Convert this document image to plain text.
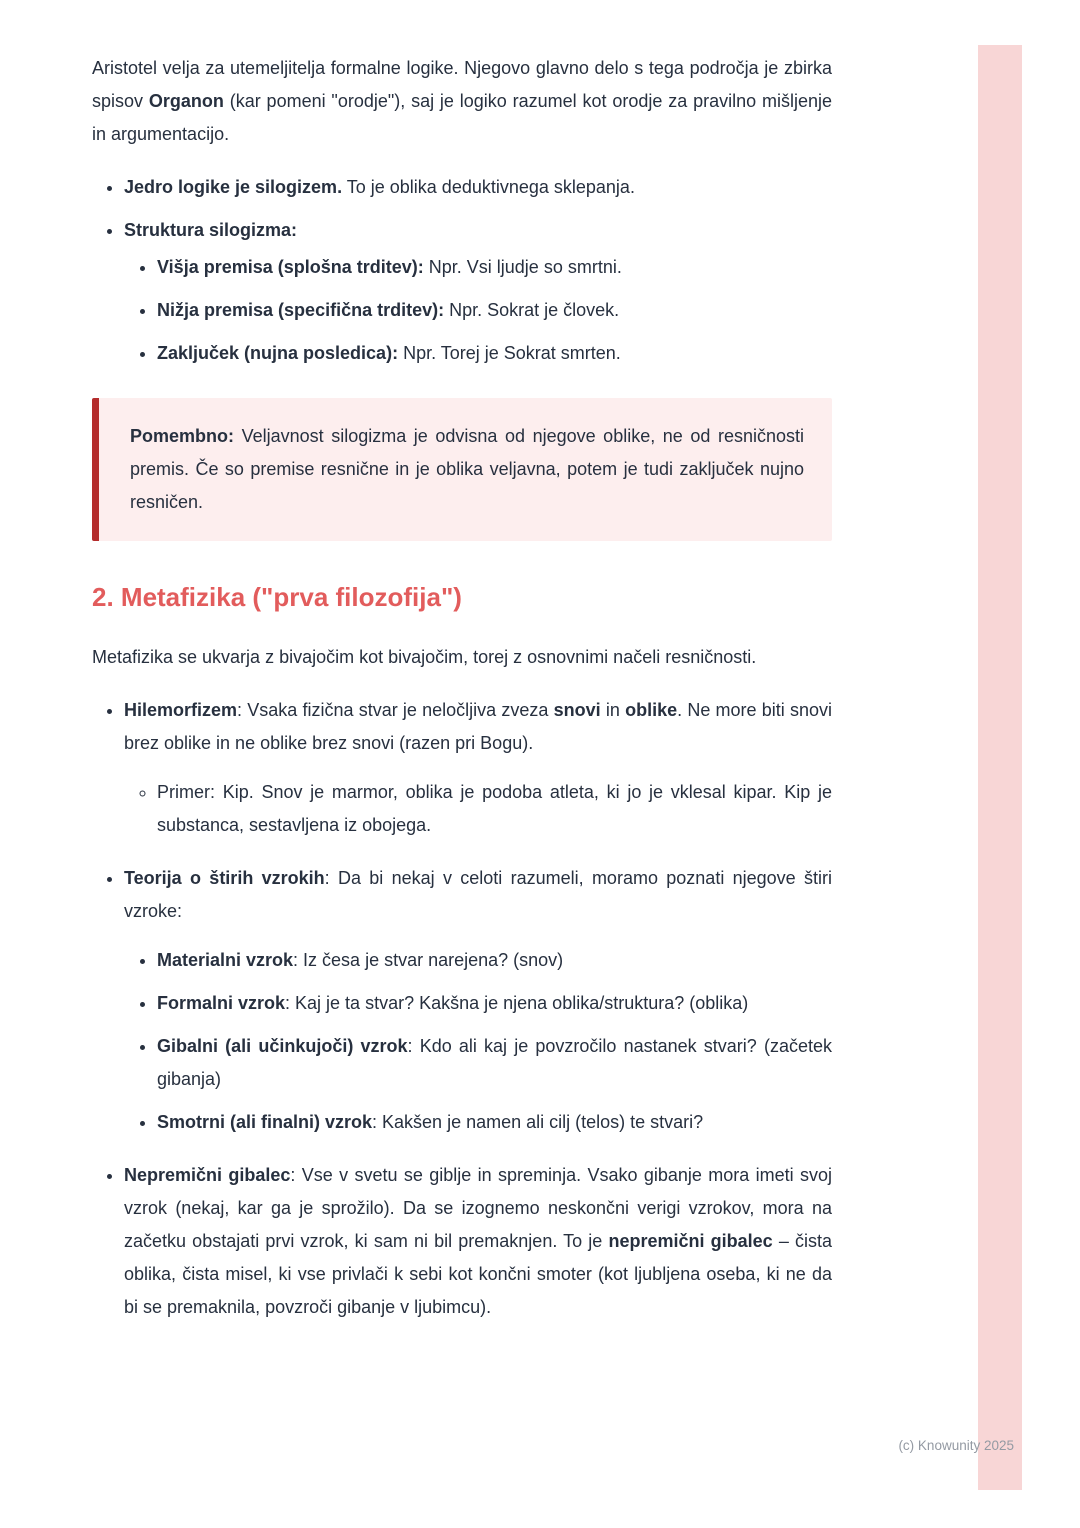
Aristotel velja za utemeljitelja formalne logike. Njegovo glavno delo s tega področja je zbirka spisov Organon (kar pomeni "orodje"), saj je logiko razumel kot orodje za pravilno mišljenje in argumentacijo.

• Jedro logike je silogizem. To je oblika deduktivnega sklepanja.
• Struktura silogizma:
• Višja premisa (splošna trditev): Npr. Vsi ljudje so smrtni.
• Nižja premisa (specifična trditev): Npr. Sokrat je človek.
• Zaključek (nujna posledica): Npr. Torej je Sokrat smrten.

Pomembno: Veljavnost silogizma je odvisna od njegove oblike, ne od resničnosti premis. Če so premise resnične in je oblika veljavna, potem je tudi zaključek nujno resničen.

2. Metafizika ("prva filozofija")

Metafizika se ukvarja z bivajočim kot bivajočim, torej z osnovnimi načeli resničnosti.

• Hilemorfizem: Vsaka fizična stvar je neločljiva zveza snovi in oblike. Ne more biti snovi brez oblike in ne oblike brez snovi (razen pri Bogu).
◦ Primer: Kip. Snov je marmor, oblika je podoba atleta, ki jo je vklesal kipar. Kip je substanca, sestavljena iz obojega.
• Teorija o štirih vzrokih: Da bi nekaj v celoti razumeli, moramo poznati njegove štiri vzroke:
• Materialni vzrok: Iz česa je stvar narejena? (snov)
• Formalni vzrok: Kaj je ta stvar? Kakšna je njena oblika/struktura? (oblika)
• Gibalni (ali učinkujoči) vzrok: Kdo ali kaj je povzročilo nastanek stvari? (začetek gibanja)
• Smotrni (ali finalni) vzrok: Kakšen je namen ali cilj (telos) te stvari?
• Nepremični gibalec: Vse v svetu se giblje in spreminja. Vsako gibanje mora imeti svoj vzrok (nekaj, kar ga je sprožilo). Da se izognemo neskončni verigi vzrokov, mora na začetku obstajati prvi vzrok, ki sam ni bil premaknjen. To je nepremični gibalec – čista oblika, čista misel, ki vse privlači k sebi kot končni smoter (kot ljubljena oseba, ki ne da bi se premaknila, povzroči gibanje v ljubimcu).
(c) Knowunity 2025
